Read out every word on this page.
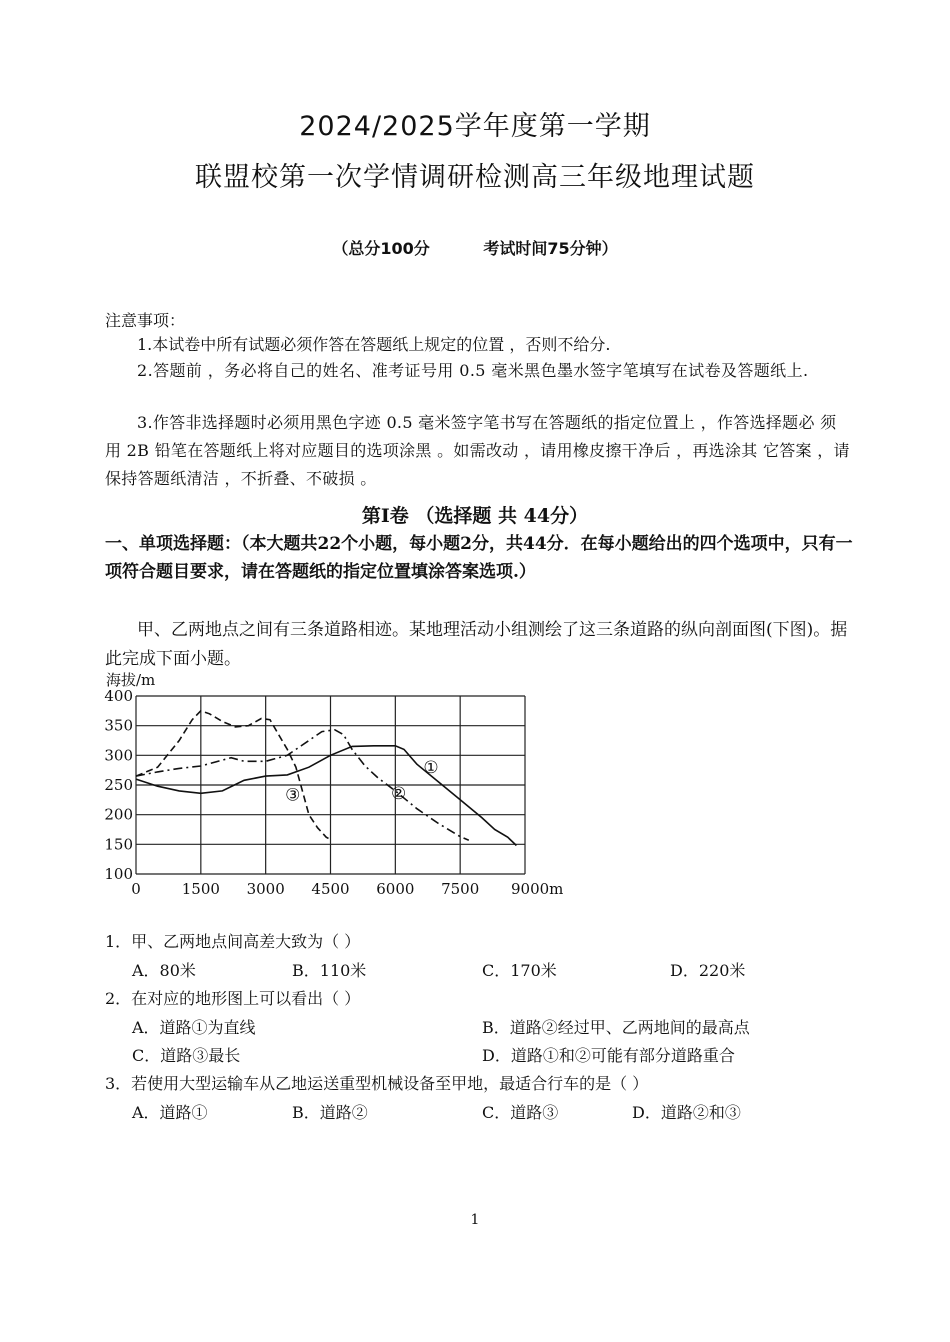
2024/2025学年度第一学期
联盟校第一次学情调研检测高三年级地理试题
（总分100分	考试时间75分钟）
注意事项：
1.本试卷中所有试题必须作答在答题纸上规定的位置 ，否则不给分.
2.答题前 ，务必将自己的姓名、准考证号用 0.5 毫米黑色墨水签字笔填写在试卷及答题纸上.
3.作答非选择题时必须用黑色字迹 0.5 毫米签字笔书写在答题纸的指定位置上 ，作答选择题必 须用 2B 铅笔在答题纸上将对应题目的选项涂黑 。如需改动 ，请用橡皮擦干净后 ，再选涂其 它答案 ，请保持答题纸清洁 ，不折叠、不破损 。
第Ⅰ卷 （选择题 共 44分）
一、单项选择题：（本大题共22个小题，每小题2分，共44分．在每小题给出的四个选项中，只有一项符合题目要求，请在答题纸的指定位置填涂答案选项.）
甲、乙两地点之间有三条道路相迹。某地理活动小组测绘了这三条道路的纵向剖面图(下图)。据此完成下面小题。
100
150
200
250
300
350
400
0	1500 3000 4500 6000 7500 9000m
海拔/m
①
②
③
1．甲、乙两地点间高差大致为（ ）
A．80米	B．110米	C．170米	D．220米
2．在对应的地形图上可以看出（ ）
A．道路①为直线	B．道路②经过甲、乙两地间的最高点
C．道路③最长	D．道路①和②可能有部分道路重合
3．若使用大型运输车从乙地运送重型机械设备至甲地，最适合行车的是（ ）
A．道路①	B．道路②	C．道路③	D．道路②和③
1
